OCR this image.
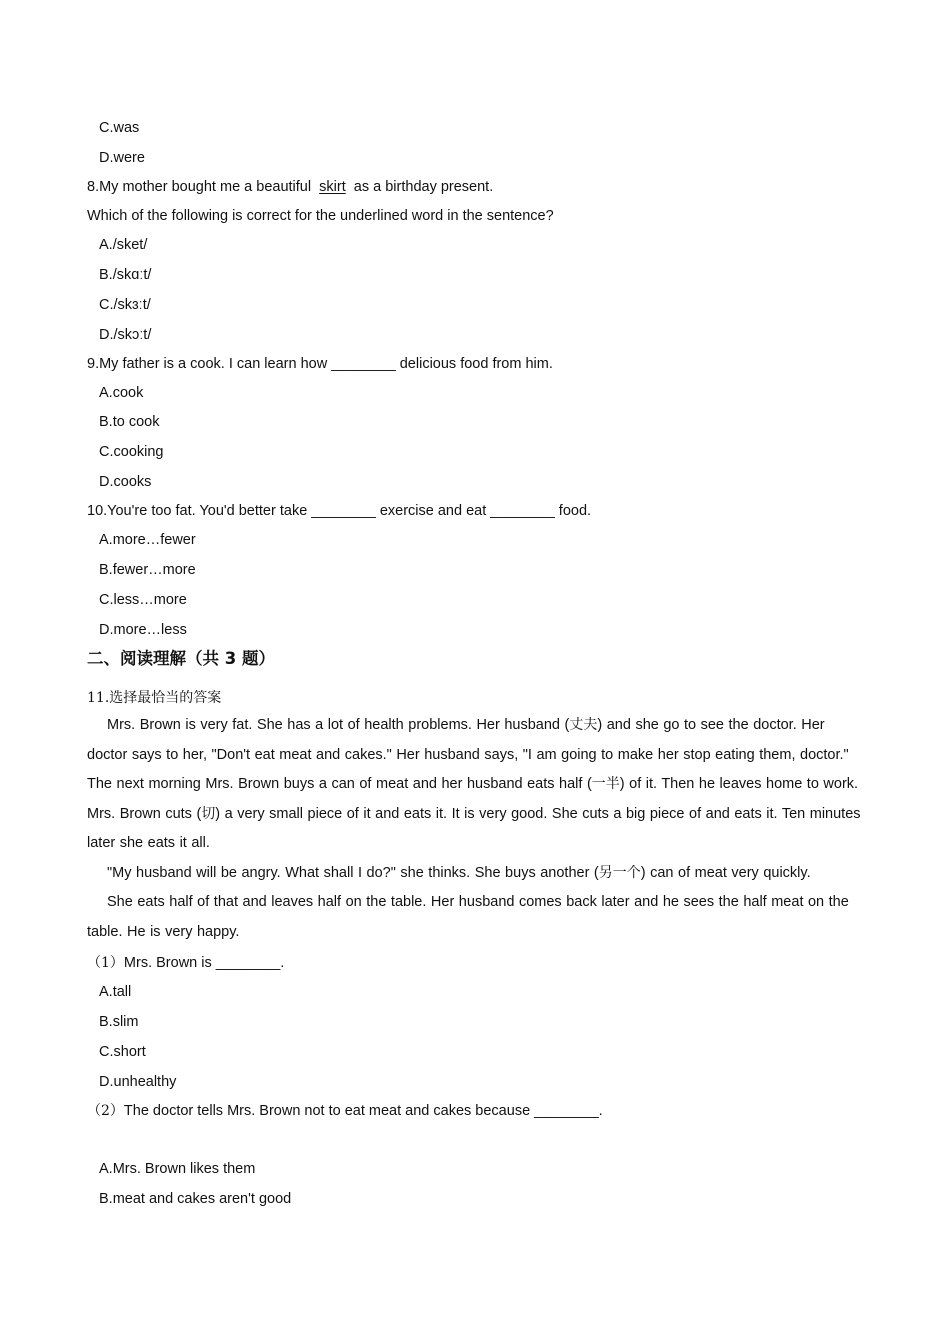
C.was
D.were
8.My mother bought me a beautiful skirt as a birthday present.
Which of the following is correct for the underlined word in the sentence?
A./sket/
B./skɑːt/
C./skɜːt/
D./skɔːt/
9.My father is a cook. I can learn how ________ delicious food from him.
A.cook
B.to cook
C.cooking
D.cooks
10.You're too fat. You'd better take ________ exercise and eat ________ food.
A.more…fewer
B.fewer…more
C.less…more
D.more…less
二、阅读理解（共 3 题）
11.选择最恰当的答案
Mrs. Brown is very fat. She has a lot of health problems. Her husband (丈夫) and she go to see the doctor. Her doctor says to her, "Don't eat meat and cakes." Her husband says, "I am going to make her stop eating them, doctor." The next morning Mrs. Brown buys a can of meat and her husband eats half (一半) of it. Then he leaves home to work. Mrs. Brown cuts (切) a very small piece of it and eats it. It is very good. She cuts a big piece of and eats it. Ten minutes later she eats it all.
"My husband will be angry. What shall I do?" she thinks. She buys another (另一个) can of meat very quickly.
She eats half of that and leaves half on the table. Her husband comes back later and he sees the half meat on the table. He is very happy.
（1）Mrs. Brown is ________.
A.tall
B.slim
C.short
D.unhealthy
（2）The doctor tells Mrs. Brown not to eat meat and cakes because ________.
A.Mrs. Brown likes them
B.meat and cakes aren't good
